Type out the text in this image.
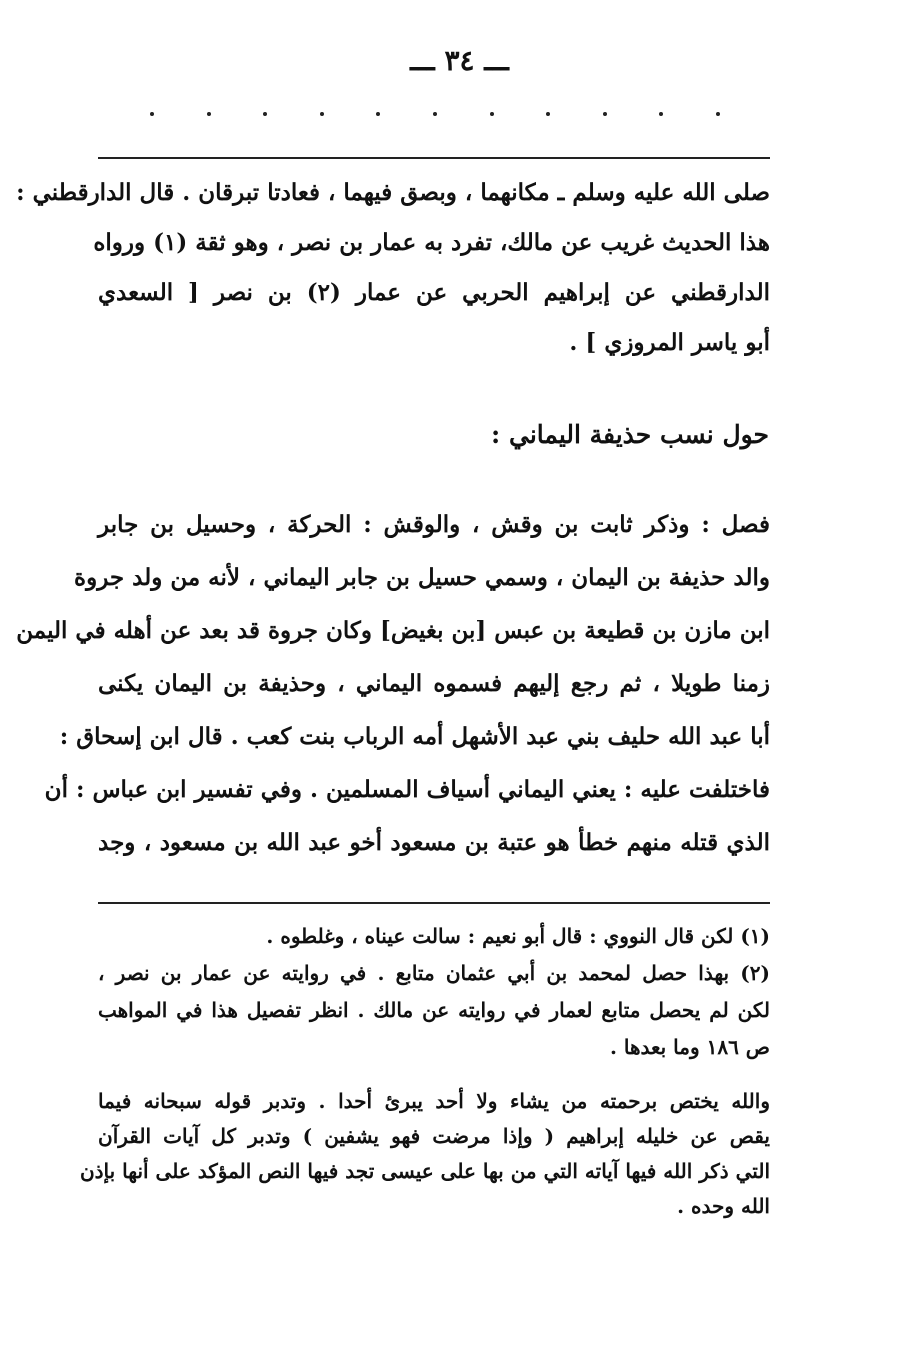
ـــ ٣٤ ـــ
صلى الله عليه وسلم ـ مكانهما ، وبصق فيهما ، فعادتا تبرقان . قال الدارقطني :
هذا الحديث غريب عن مالك، تفرد به عمار بن نصر ، وهو ثقة (١) ورواه
الدارقطني عن إبراهيم الحربي عن عمار (٢) بن نصر [ السعدي
أبو ياسر المروزي ] .
حول نسب حذيفة اليماني :
فصل : وذكر ثابت بن وقش ، والوقش : الحركة ، وحسيل بن جابر
والد حذيفة بن اليمان ، وسمي حسيل بن جابر اليماني ، لأنه من ولد جروة
ابن مازن بن قطيعة بن عبس [بن بغيض] وكان جروة قد بعد عن أهله في اليمن
زمنا طويلا ، ثم رجع إليهم فسموه اليماني ، وحذيفة بن اليمان يكنى
أبا عبد الله حليف بني عبد الأشهل أمه الرباب بنت كعب . قال ابن إسحاق :
فاختلفت عليه : يعني اليماني أسياف المسلمين . وفي تفسير ابن عباس : أن
الذي قتله منهم خطأ هو عتبة بن مسعود أخو عبد الله بن مسعود ، وجد
(١) لكن قال النووي : قال أبو نعيم : سالت عيناه ، وغلطوه .
(٢) بهذا حصل لمحمد بن أبي عثمان متابع . في روايته عن عمار بن نصر ،
لكن لم يحصل متابع لعمار في روايته عن مالك . انظر تفصيل هذا في المواهب
ص ١٨٦ وما بعدها .
والله يختص برحمته من يشاء ولا أحد يبرئ أحدا . وتدبر قوله سبحانه فيما
يقص عن خليله إبراهيم ( وإذا مرضت فهو يشفين ) وتدبر كل آيات القرآن
التي ذكر الله فيها آياته التي من بها على عيسى تجد فيها النص المؤكد على أنها بإذن
الله وحده .
